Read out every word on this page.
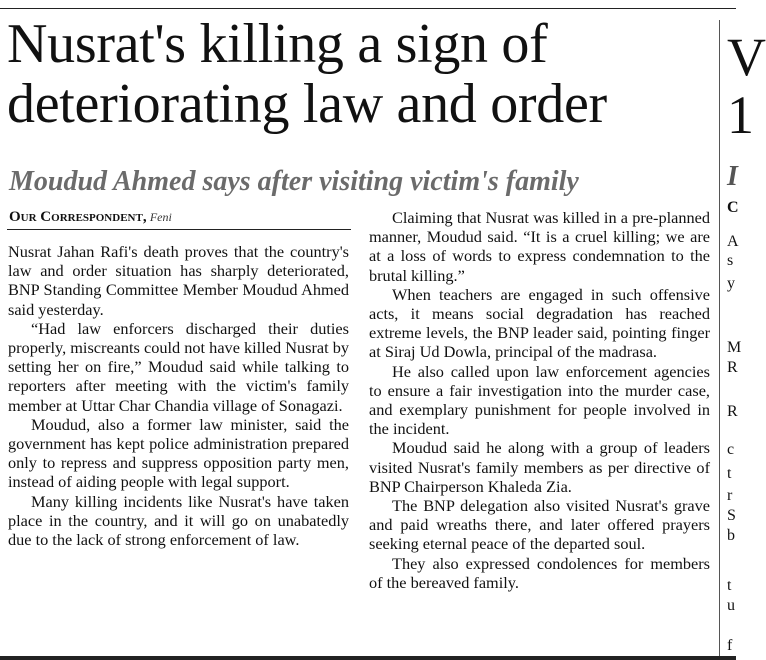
Nusrat's killing a sign of
deteriorating law and order
Moudud Ahmed says after visiting victim's family
Our Correspondent, Feni

Nusrat Jahan Rafi's death proves that the country's law and order situation has sharply deteriorated, BNP Standing Committee Member Moudud Ahmed said yesterday.

“Had law enforcers discharged their duties properly, miscreants could not have killed Nusrat by setting her on fire,” Moudud said while talking to reporters after meeting with the victim's family member at Uttar Char Chandia village of Sonagazi.

Moudud, also a former law minister, said the government has kept police administration prepared only to repress and suppress opposition party men, instead of aiding people with legal support.

Many killing incidents like Nusrat's have taken place in the country, and it will go on unabatedly due to the lack of strong enforcement of law.

Claiming that Nusrat was killed in a pre-planned manner, Moudud said. “It is a cruel killing; we are at a loss of words to express condemnation to the brutal killing.”

When teachers are engaged in such offensive acts, it means social degradation has reached extreme levels, the BNP leader said, pointing finger at Siraj Ud Dowla, principal of the madrasa.

He also called upon law enforcement agencies to ensure a fair investigation into the murder case, and exemplary punishment for people involved in the incident.

Moudud said he along with a group of leaders visited Nusrat's family members as per directive of BNP Chairperson Khaleda Zia.

The BNP delegation also visited Nusrat's grave and paid wreaths there, and later offered prayers seeking eternal peace of the departed soul.

They also expressed condolences for members of the bereaved family.

V
1
I
C
A
s
y
M
R
R
c
t
r
S
b
t
u
f
